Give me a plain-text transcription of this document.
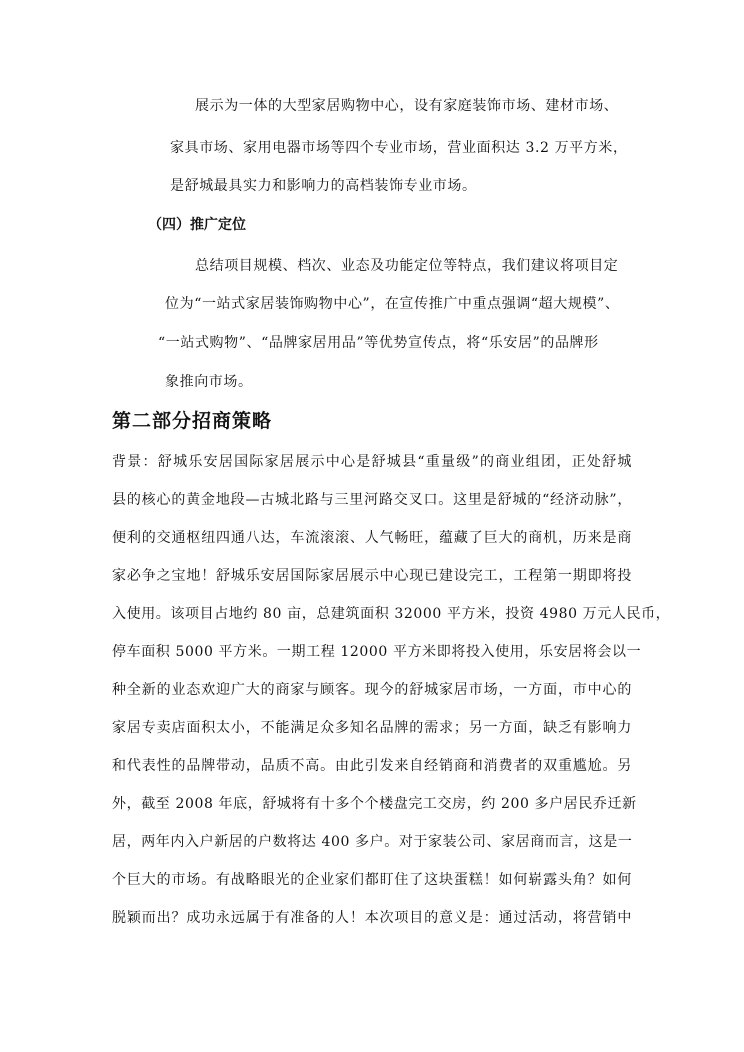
展示为一体的大型家居购物中心，设有家庭装饰市场、建材市场、
家具市场、家用电器市场等四个专业市场，营业面积达 3.2 万平方米，
是舒城最具实力和影响力的高档装饰专业市场。
（四）推广定位
总结项目规模、档次、业态及功能定位等特点，我们建议将项目定
位为“一站式家居装饰购物中心”，在宣传推广中重点强调“超大规模”、
“一站式购物”、“品牌家居用品”等优势宣传点，将“乐安居”的品牌形
象推向市场。
第二部分招商策略
背景：舒城乐安居国际家居展示中心是舒城县“重量级”的商业组团，正处舒城
县的核心的黄金地段—古城北路与三里河路交叉口。这里是舒城的“经济动脉”，
便利的交通枢纽四通八达，车流滚滚、人气畅旺，蕴藏了巨大的商机，历来是商
家必争之宝地！舒城乐安居国际家居展示中心现已建设完工，工程第一期即将投
入使用。该项目占地约 80 亩，总建筑面积 32000 平方米，投资 4980 万元人民币，
停车面积 5000 平方米。一期工程 12000 平方米即将投入使用，乐安居将会以一
种全新的业态欢迎广大的商家与顾客。现今的舒城家居市场，一方面，市中心的
家居专卖店面积太小，不能满足众多知名品牌的需求；另一方面，缺乏有影响力
和代表性的品牌带动，品质不高。由此引发来自经销商和消费者的双重尴尬。另
外，截至 2008 年底，舒城将有十多个个楼盘完工交房，约 200 多户居民乔迁新
居，两年内入户新居的户数将达 400 多户。对于家装公司、家居商而言，这是一
个巨大的市场。有战略眼光的企业家们都盯住了这块蛋糕！如何崭露头角？如何
脱颖而出？成功永远属于有准备的人！本次项目的意义是：通过活动，将营销中
